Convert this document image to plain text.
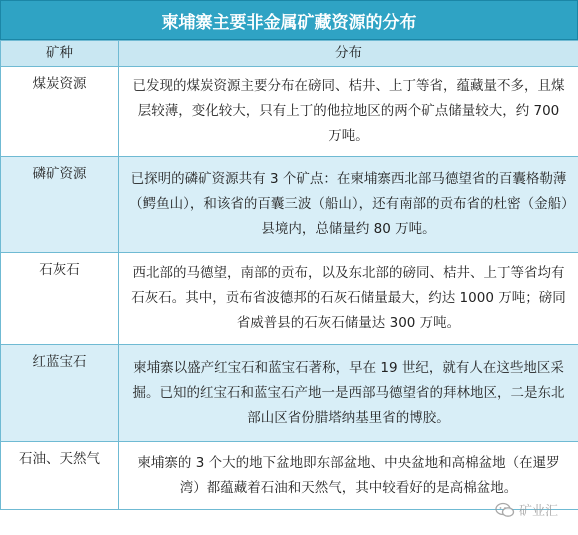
柬埔寨主要非金属矿藏资源的分布
矿种	分布
煤炭资源	已发现的煤炭资源主要分布在磅同、桔井、上丁等省，蕴藏量不多，且煤层较薄，变化较大，只有上丁的他拉地区的两个矿点储量较大，约 700 万吨。
磷矿资源	已探明的磷矿资源共有 3 个矿点：在柬埔寨西北部马德望省的百囊格勒薄（鳄鱼山），和该省的百囊三波（船山），还有南部的贡布省的杜密（金船）县境内，总储量约 80 万吨。
石灰石	西北部的马德望，南部的贡布，以及东北部的磅同、桔井、上丁等省均有石灰石。其中，贡布省波德邦的石灰石储量最大，约达 1000 万吨；磅同省威普县的石灰石储量达 300 万吨。
红蓝宝石	柬埔寨以盛产红宝石和蓝宝石著称，早在 19 世纪，就有人在这些地区采掘。已知的红宝石和蓝宝石产地一是西部马德望省的拜林地区，二是东北部山区省份腊塔纳基里省的博胶。
石油、天然气	柬埔寨的 3 个大的地下盆地即东部盆地、中央盆地和高棉盆地（在暹罗湾）都蕴藏着石油和天然气，其中较看好的是高棉盆地。
矿业汇
